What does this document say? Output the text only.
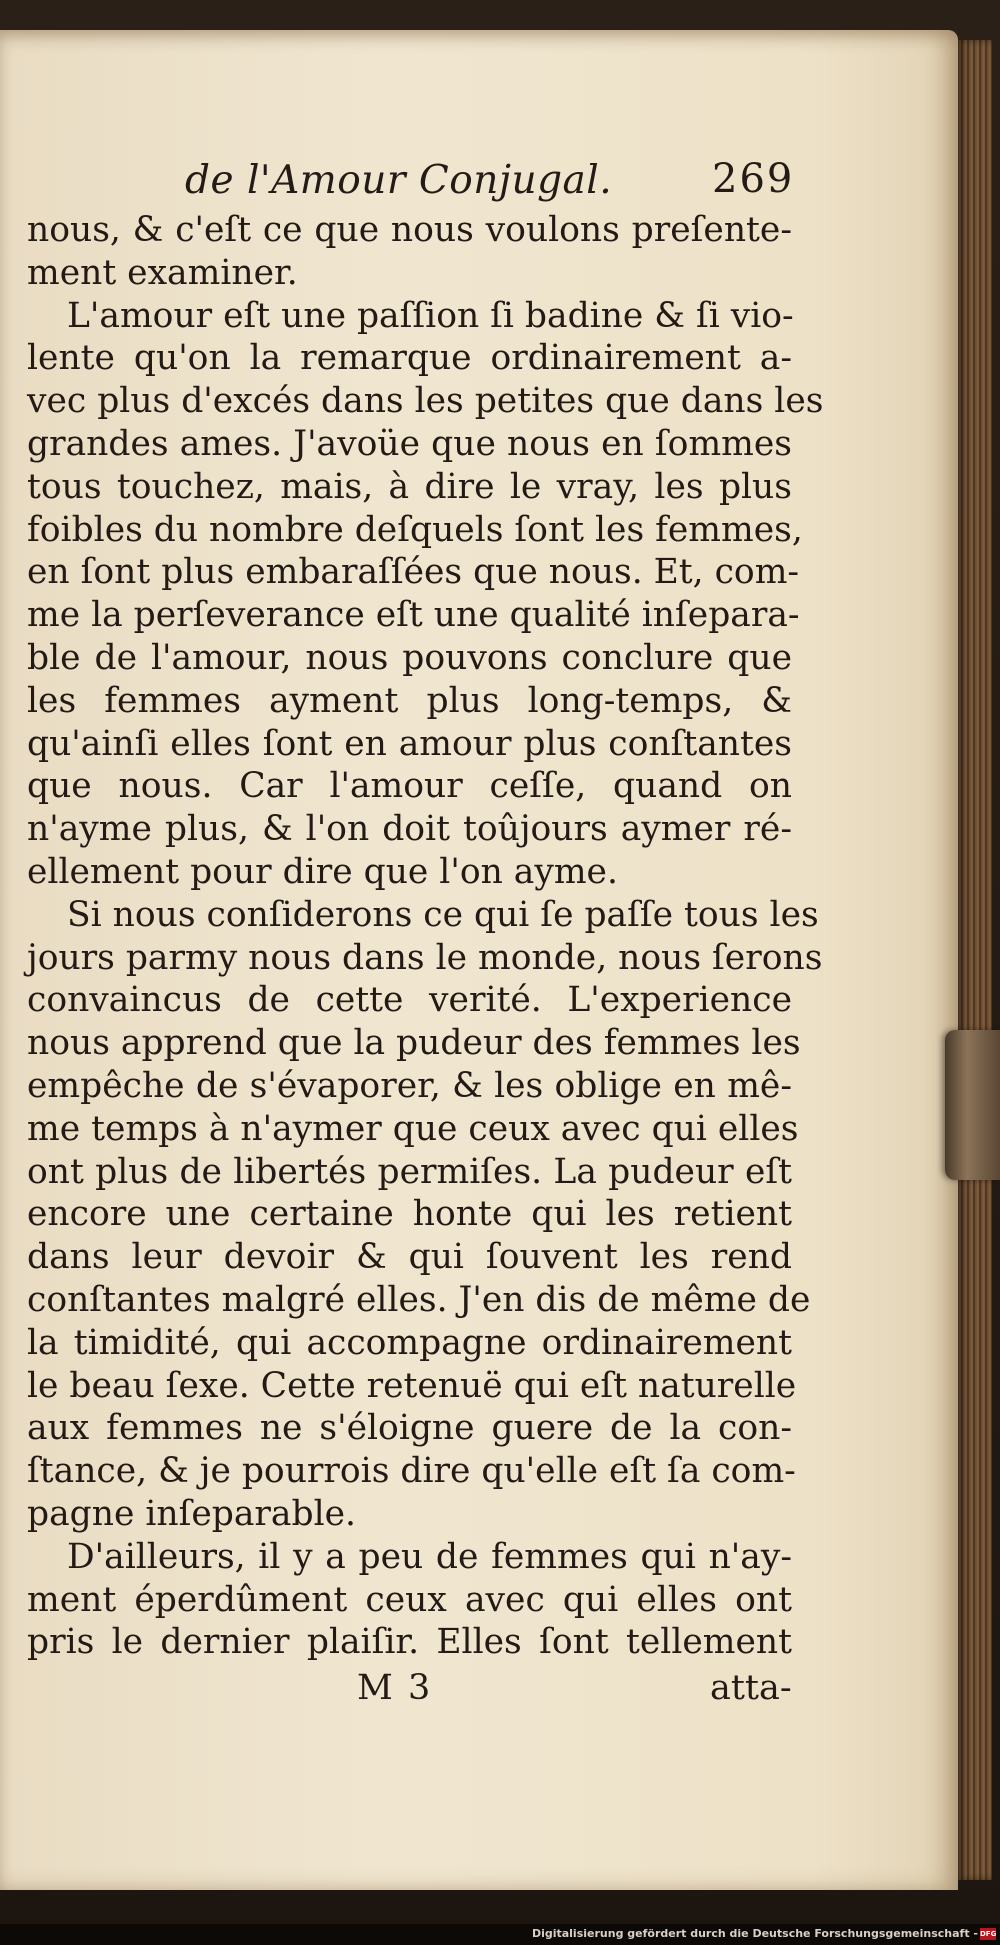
de l'Amour Conjugal. 269
nous, & c'eſt ce que nous voulons preſente-
ment examiner.
L'amour eſt une paſſion ſi badine & ſi vio-
lente qu'on la remarque ordinairement a-
vec plus d'excés dans les petites que dans les
grandes ames. J'avoüe que nous en ſommes
tous touchez, mais, à dire le vray, les plus
foibles du nombre deſquels ſont les femmes,
en ſont plus embaraſſées que nous. Et, com-
me la perſeverance eſt une qualité inſepara-
ble de l'amour, nous pouvons conclure que
les femmes ayment plus long-temps, &
qu'ainſi elles ſont en amour plus conſtantes
que nous. Car l'amour ceſſe, quand on
n'ayme plus, & l'on doit toûjours aymer ré-
ellement pour dire que l'on ayme.
Si nous conſiderons ce qui ſe paſſe tous les
jours parmy nous dans le monde, nous ſerons
convaincus de cette verité. L'experience
nous apprend que la pudeur des femmes les
empêche de s'évaporer, & les oblige en mê-
me temps à n'aymer que ceux avec qui elles
ont plus de libertés permiſes. La pudeur eſt
encore une certaine honte qui les retient
dans leur devoir & qui ſouvent les rend
conſtantes malgré elles. J'en dis de même de
la timidité, qui accompagne ordinairement
le beau ſexe. Cette retenuë qui eſt naturelle
aux femmes ne s'éloigne guere de la con-
ſtance, & je pourrois dire qu'elle eſt ſa com-
pagne inſeparable.
D'ailleurs, il y a peu de femmes qui n'ay-
ment éperdûment ceux avec qui elles ont
pris le dernier plaiſir. Elles ſont tellement
M 3	atta-
Digitalisierung gefördert durch die Deutsche Forschungsgemeinschaft - DFG
